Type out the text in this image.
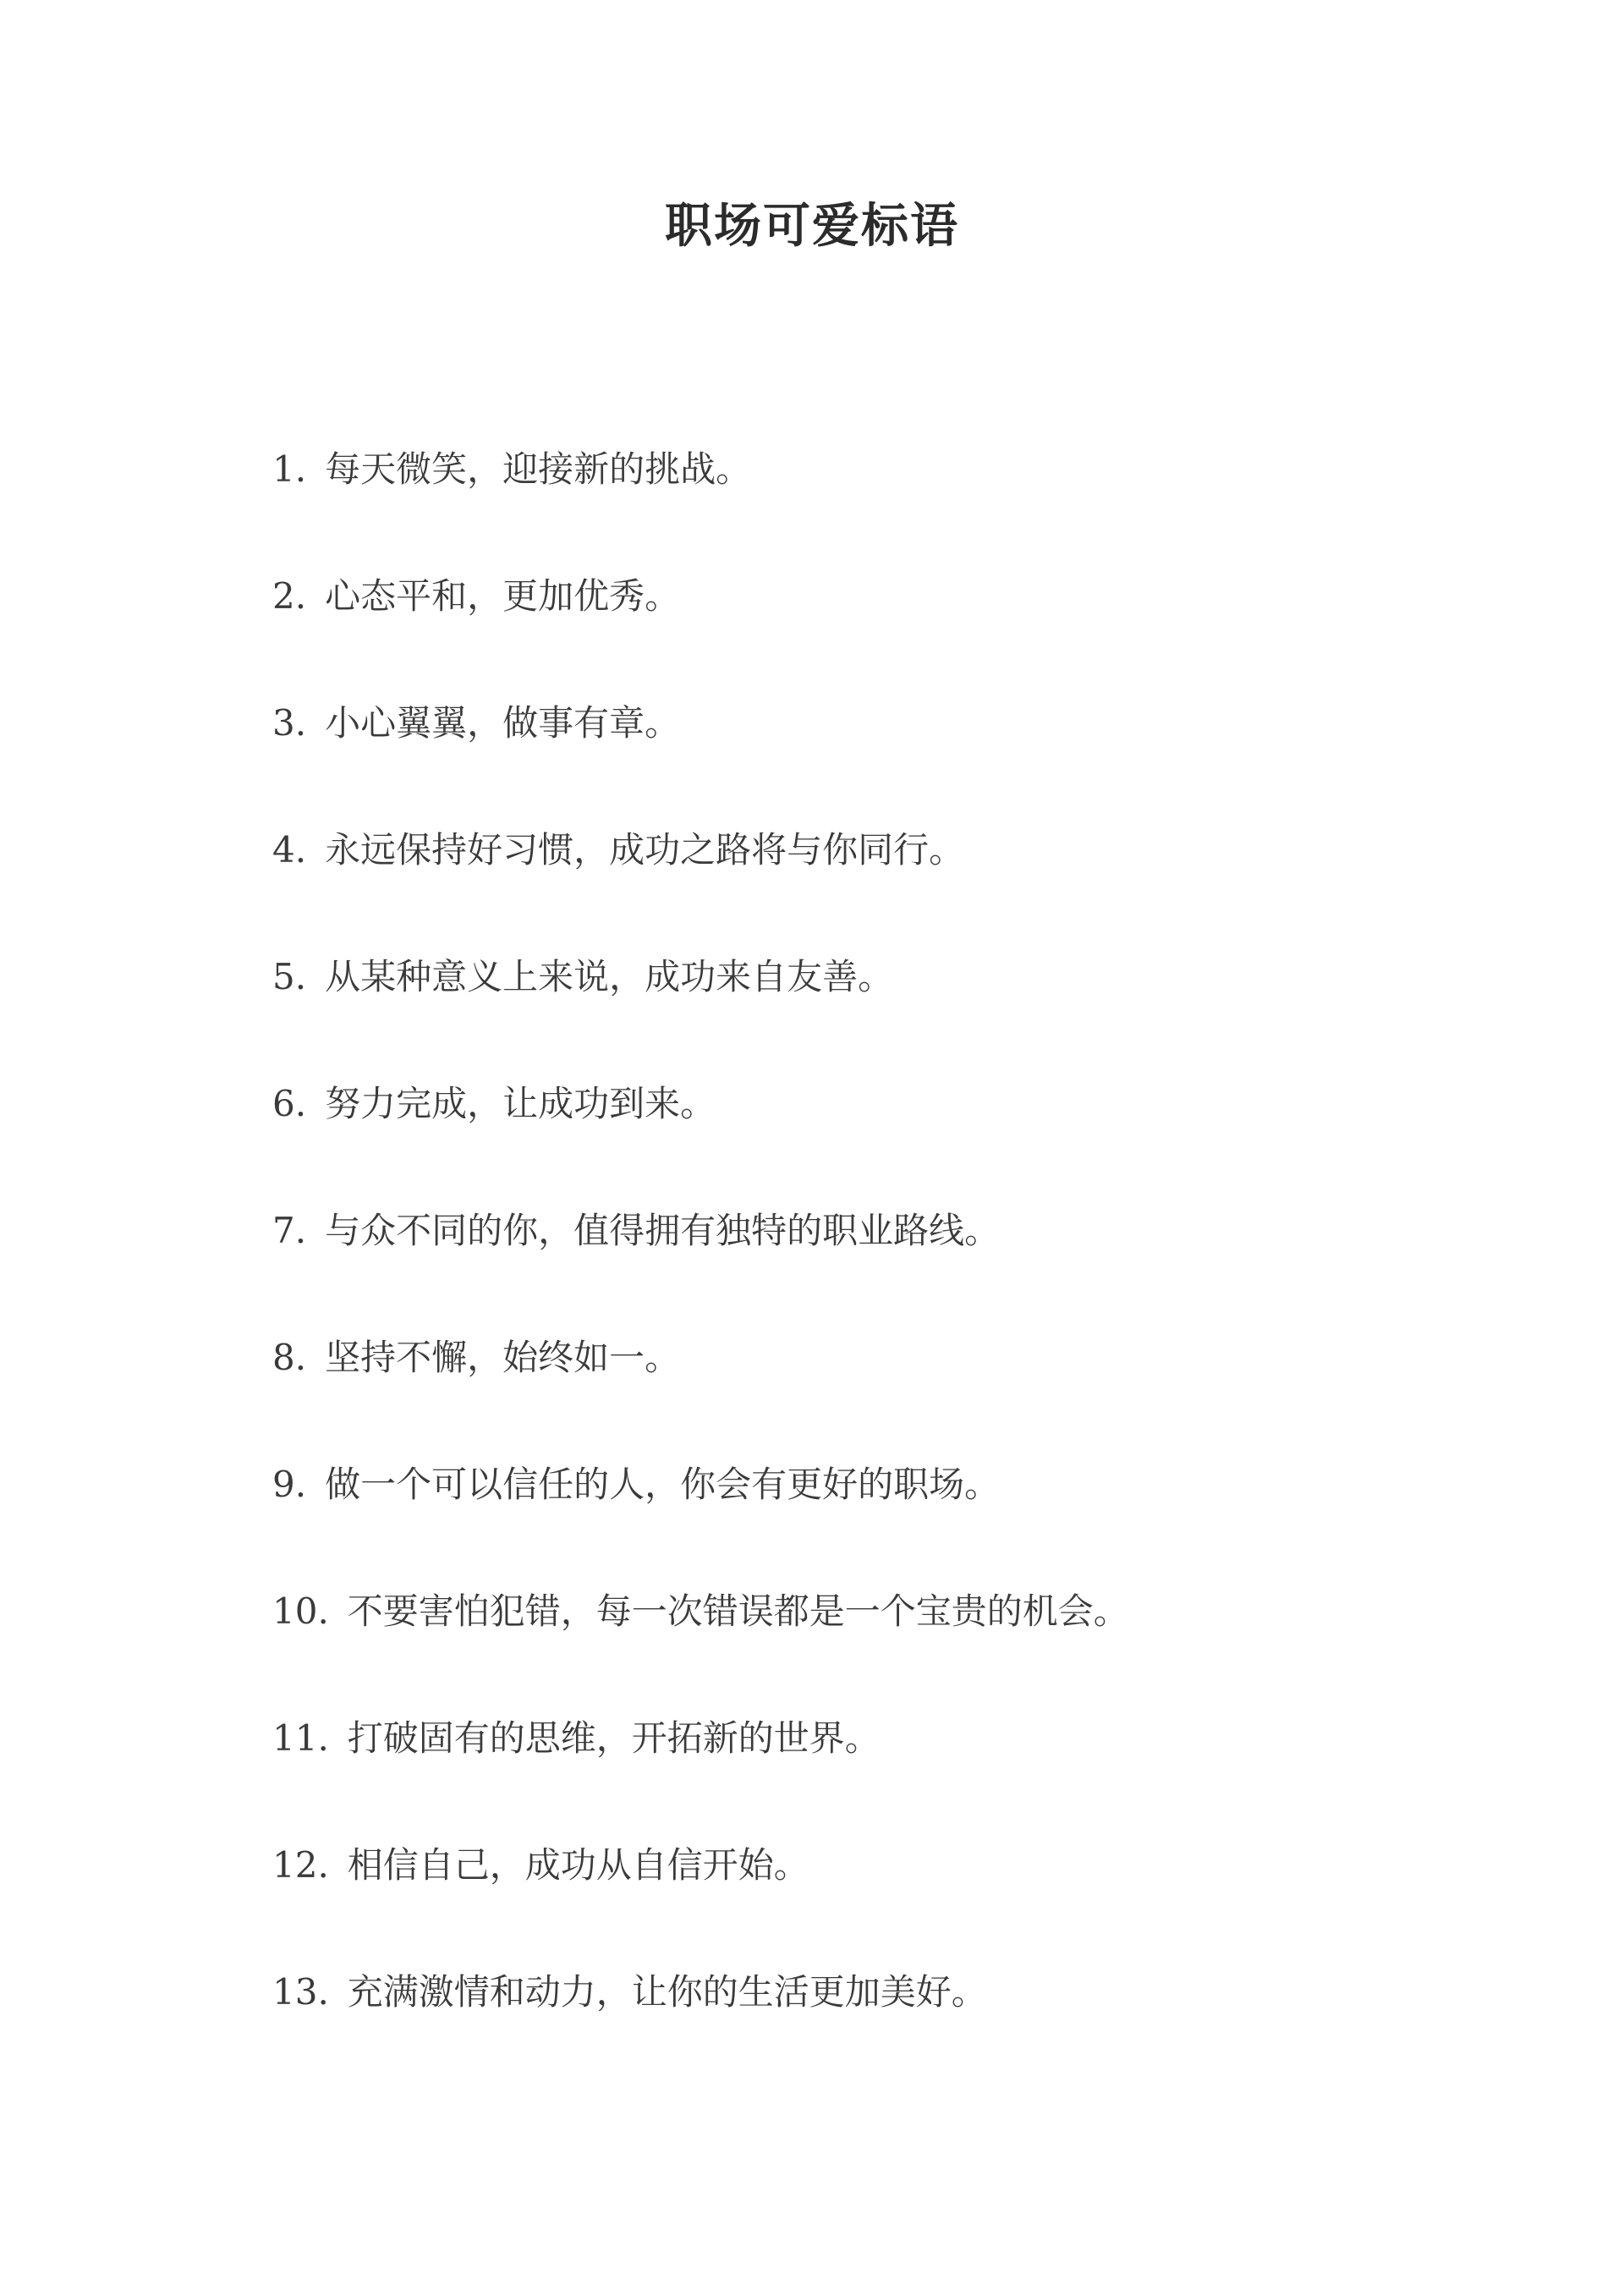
职场可爱标语
1. 每天微笑，迎接新的挑战。
2. 心态平和，更加优秀。
3. 小心翼翼，做事有章。
4. 永远保持好习惯，成功之路将与你同行。
5. 从某种意义上来说，成功来自友善。
6. 努力完成，让成功到来。
7. 与众不同的你，值得拥有独特的职业路线。
8. 坚持不懈，始终如一。
9. 做一个可以信任的人，你会有更好的职场。
10. 不要害怕犯错，每一次错误都是一个宝贵的机会。
11. 打破固有的思维，开拓新的世界。
12. 相信自己，成功从自信开始。
13. 充满激情和动力，让你的生活更加美好。
